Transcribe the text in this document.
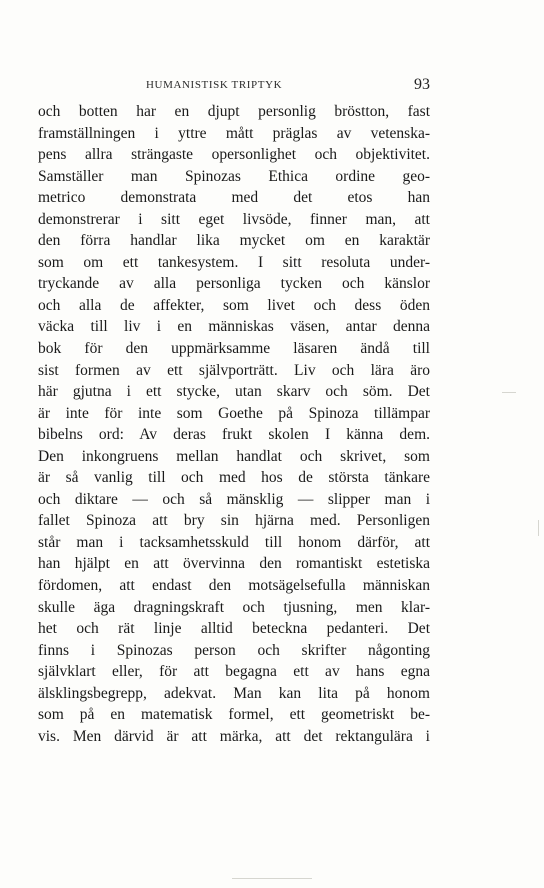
HUMANISTISK TRIPTYK	93
och botten har en djupt personlig bröstton, fast
framställningen i yttre mått präglas av vetenska-
pens allra strängaste opersonlighet och objektivitet.
Samställer man Spinozas Ethica ordine geo-
metrico demonstrata med det etos han
demonstrerar i sitt eget livsöde, finner man, att
den förra handlar lika mycket om en karaktär
som om ett tankesystem. I sitt resoluta under-
tryckande av alla personliga tycken och känslor
och alla de affekter, som livet och dess öden
väcka till liv i en människas väsen, antar denna
bok för den uppmärksamme läsaren ändå till
sist formen av ett självporträtt. Liv och lära äro
här gjutna i ett stycke, utan skarv och söm. Det
är inte för inte som Goethe på Spinoza tillämpar
bibelns ord: Av deras frukt skolen I känna dem.
Den inkongruens mellan handlat och skrivet, som
är så vanlig till och med hos de största tänkare
och diktare — och så mänsklig — slipper man i
fallet Spinoza att bry sin hjärna med. Personligen
står man i tacksamhetsskuld till honom därför, att
han hjälpt en att övervinna den romantiskt estetiska
fördomen, att endast den motsägelsefulla människan
skulle äga dragningskraft och tjusning, men klar-
het och rät linje alltid beteckna pedanteri. Det
finns i Spinozas person och skrifter någonting
självklart eller, för att begagna ett av hans egna
älsklingsbegrepp, adekvat. Man kan lita på honom
som på en matematisk formel, ett geometriskt be-
vis. Men därvid är att märka, att det rektangulära i
